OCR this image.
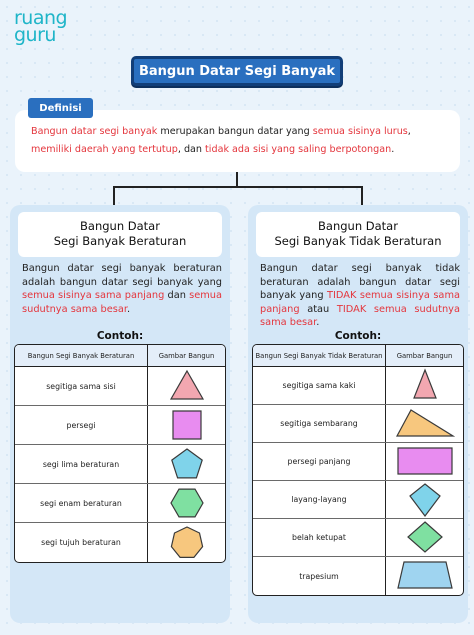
ruang
guru
Bangun Datar Segi Banyak
Definisi
Bangun datar segi banyak merupakan bangun datar yang semua sisinya lurus, memiliki daerah yang tertutup, dan tidak ada sisi yang saling berpotongan.
Bangun Datar
Segi Banyak Beraturan
Bangun datar segi banyak beraturan adalah bangun datar segi banyak yang semua sisinya sama panjang dan semua sudutnya sama besar.
Contoh:
Bangun Segi Banyak Beraturan	Gambar Bangun
segitiga sama sisi
persegi
segi lima beraturan
segi enam beraturan
segi tujuh beraturan
Bangun Datar
Segi Banyak Tidak Beraturan
Bangun datar segi banyak tidak beraturan adalah bangun datar segi banyak yang TIDAK semua sisinya sama panjang atau TIDAK semua sudutnya sama besar.
Contoh:
Bangun Segi Banyak Tidak Beraturan	Gambar Bangun
segitiga sama kaki
segitiga sembarang
persegi panjang
layang-layang
belah ketupat
trapesium
